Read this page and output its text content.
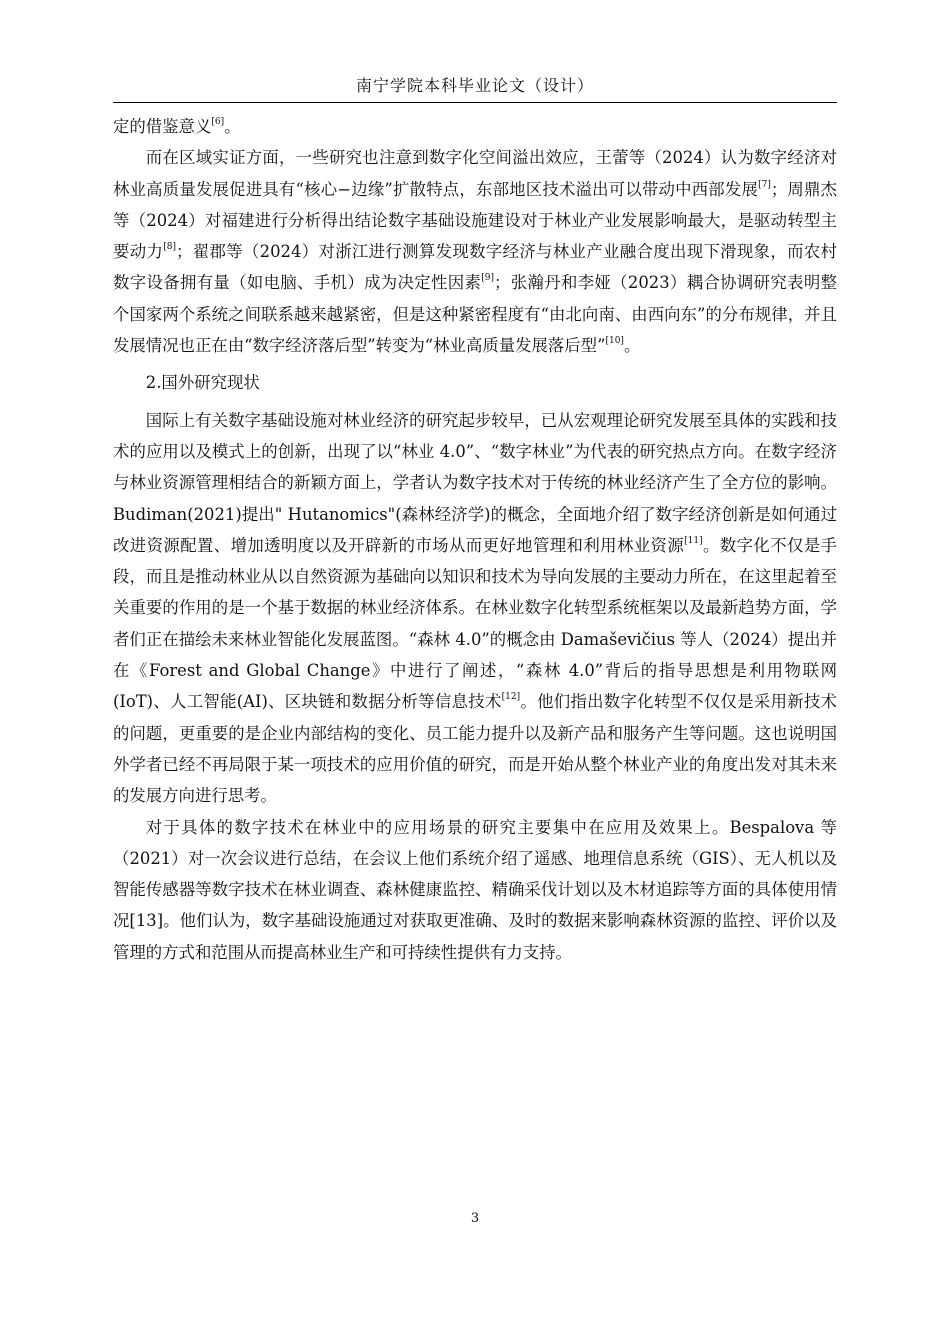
南宁学院本科毕业论文（设计）

定的借鉴意义[6]。

而在区域实证方面，一些研究也注意到数字化空间溢出效应，王蕾等（2024）认为数字经济对林业高质量发展促进具有“核心−边缘”扩散特点，东部地区技术溢出可以带动中西部发展[7]；周鼎杰等（2024）对福建进行分析得出结论数字基础设施建设对于林业产业发展影响最大，是驱动转型主要动力[8]；翟郡等（2024）对浙江进行测算发现数字经济与林业产业融合度出现下滑现象，而农村数字设备拥有量（如电脑、手机）成为决定性因素[9]；张瀚丹和李娅（2023）耦合协调研究表明整个国家两个系统之间联系越来越紧密，但是这种紧密程度有“由北向南、由西向东”的分布规律，并且发展情况也正在由“数字经济落后型”转变为“林业高质量发展落后型”[10]。

2.国外研究现状

国际上有关数字基础设施对林业经济的研究起步较早，已从宏观理论研究发展至具体的实践和技术的应用以及模式上的创新，出现了以“林业 4.0”、“数字林业”为代表的研究热点方向。在数字经济与林业资源管理相结合的新颖方面上，学者认为数字技术对于传统的林业经济产生了全方位的影响。Budiman(2021)提出" Hutanomics"(森林经济学)的概念，全面地介绍了数字经济创新是如何通过改进资源配置、增加透明度以及开辟新的市场从而更好地管理和利用林业资源[11]。数字化不仅是手段，而且是推动林业从以自然资源为基础向以知识和技术为导向发展的主要动力所在，在这里起着至关重要的作用的是一个基于数据的林业经济体系。在林业数字化转型系统框架以及最新趋势方面，学者们正在描绘未来林业智能化发展蓝图。“森林 4.0”的概念由 Damaševičius 等人（2024）提出并在《Forest and Global Change》中进行了阐述，“森林 4.0”背后的指导思想是利用物联网(IoT)、人工智能(AI)、区块链和数据分析等信息技术[12]。他们指出数字化转型不仅仅是采用新技术的问题，更重要的是企业内部结构的变化、员工能力提升以及新产品和服务产生等问题。这也说明国外学者已经不再局限于某一项技术的应用价值的研究，而是开始从整个林业产业的角度出发对其未来的发展方向进行思考。

对于具体的数字技术在林业中的应用场景的研究主要集中在应用及效果上。Bespalova 等（2021）对一次会议进行总结，在会议上他们系统介绍了遥感、地理信息系统（GIS）、无人机以及智能传感器等数字技术在林业调查、森林健康监控、精确采伐计划以及木材追踪等方面的具体使用情况[13]。他们认为，数字基础设施通过对获取更准确、及时的数据来影响森林资源的监控、评价以及管理的方式和范围从而提高林业生产和可持续性提供有力支持。

3
